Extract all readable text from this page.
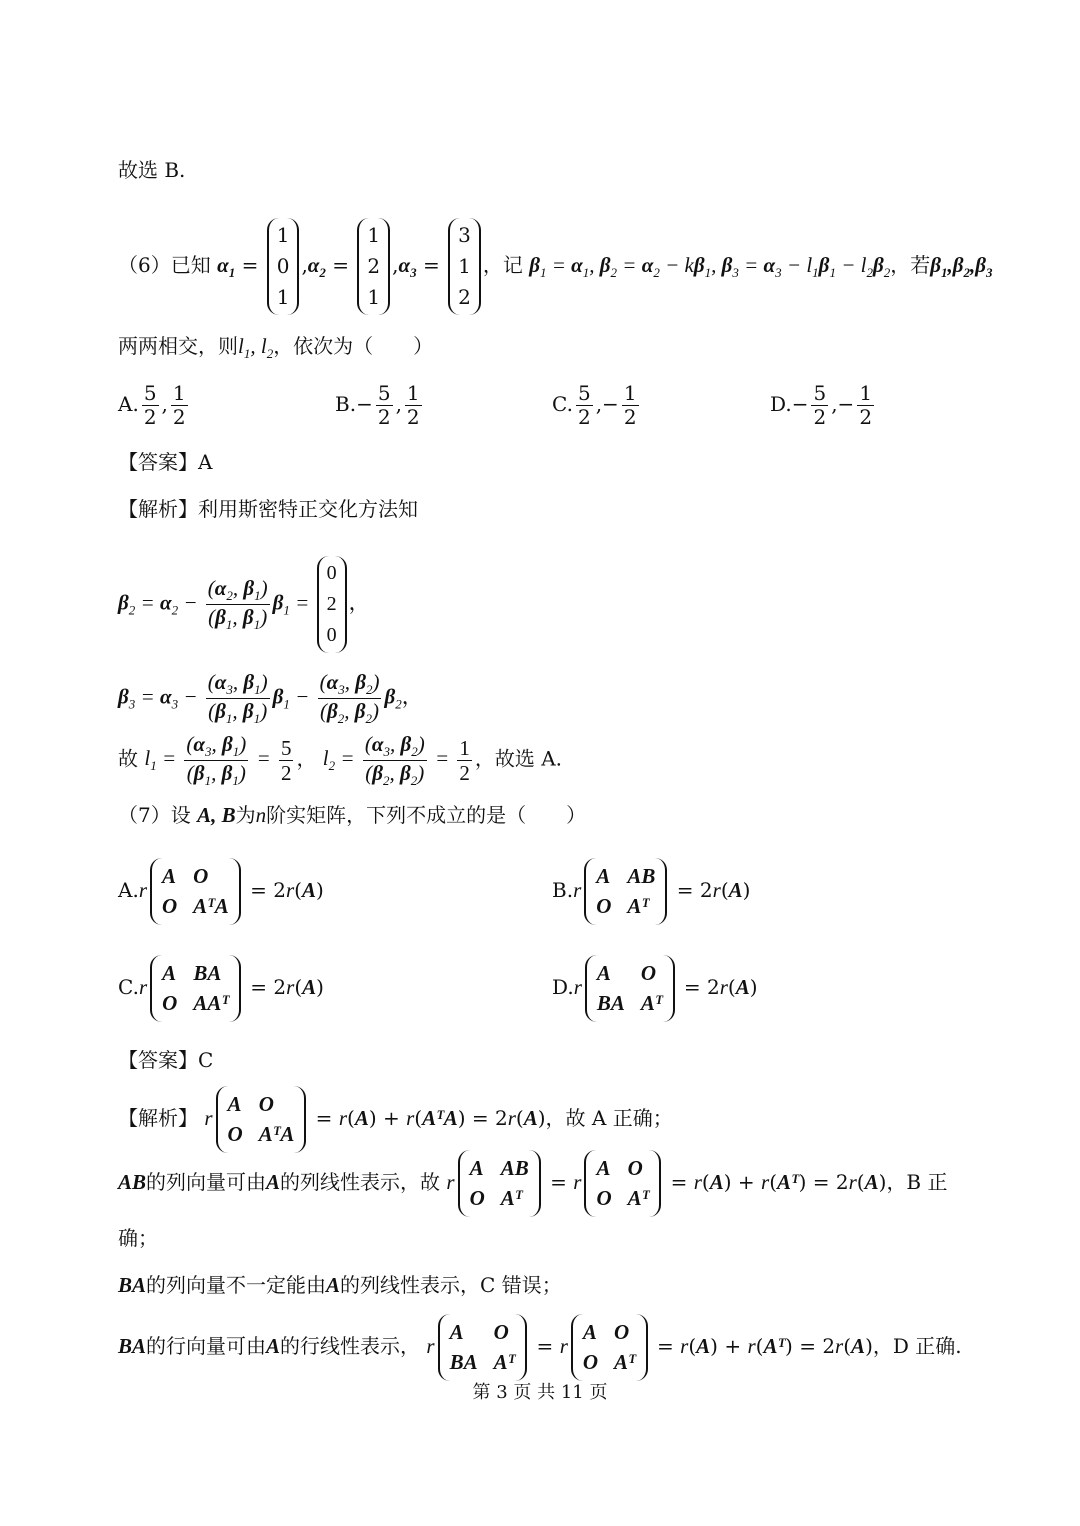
故选 B.
（6）已知 $\alpha_1$ =
1
0
1
$,\alpha_2$ =
1
2
1
$,\alpha_3$ =
3
1
2
，记 $\beta_1 = \alpha_1$, $\beta_2 = \alpha_2 - k\beta_1$, $\beta_3 = \alpha_3 - l_1\beta_1 - l_2\beta_2$，若$\beta_1,\beta_2,\beta_3$
两两相交，则$l_1$, $l_2$，依次为（　　）
A. $\frac{5}{2}$ , $\frac{1}{2}$	$B.- \frac{5}{2}$ , $\frac{1}{2}$	C. $\frac{5}{2}$ ,− $\frac{1}{2}$	$D.- \frac{5}{2}$ ,− $\frac{1}{2}$
【答案】A
【解析】利用斯密特正交化方法知
$\beta_2 = \alpha_2 - \frac{(\alpha_2, \beta_1)}{(\beta_1, \beta_1)} \beta_1$ =
0
2
0
，
$\beta_3 = \alpha_3 - \frac{(\alpha_3, \beta_1)}{(\beta_1, \beta_1)} \beta_1 - \frac{(\alpha_3, \beta_2)}{(\beta_2, \beta_2)} \beta_2$，
故 $l_1 = \frac{(\alpha_3, \beta_1)}{(\beta_1, \beta_1)} = \frac{5}{2}$ ， $l_2 = \frac{(\alpha_3, \beta_2)}{(\beta_2, \beta_2)} = \frac{1}{2}$ ，故选 A.
（7）设 A, B为n阶实矩阵，下列不成立的是（　　）
A.r
A O
O AᵀA
= 2r(A)	B.r
A AB
O Aᵀ
= 2r(A)
C.r
A BA
O AAᵀ
= 2r(A)	D.r
A	O
BA Aᵀ
= 2r(A)
【答案】C
【解析】 r
A O
O AᵀA
= r(A) + r(AᵀA) = 2r(A)，故 A 正确；
AB的列向量可由A的列线性表示，故 r
A AB
O Aᵀ
= r
A O
O Aᵀ
= r(A) + r(Aᵀ) = 2r(A)，B 正
确；
BA的列向量不一定能由A的列线性表示，C 错误；
BA的行向量可由A的行线性表示， r
A	O
BA Aᵀ
= r
A O
O Aᵀ
= r(A) + r(Aᵀ) = 2r(A)，D 正确.
第 3 页 共 11 页
